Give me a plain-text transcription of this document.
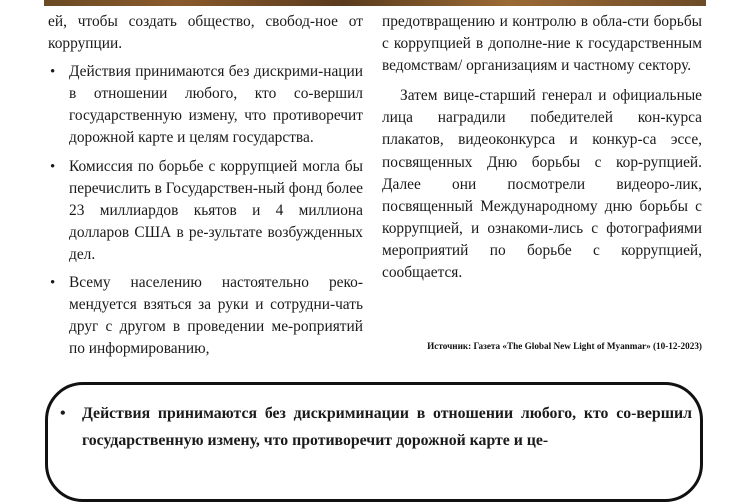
ей, чтобы создать общество, свобод-ное от коррупции.

• Действия принимаются без дискрими-нации в отношении любого, кто со-вершил государственную измену, что противоречит дорожной карте и целям государства.
• Комиссия по борьбе с коррупцией могла бы перечислить в Государствен-ный фонд более 23 миллиардов кьятов и 4 миллиона долларов США в ре-зультате возбужденных дел.
• Всему населению настоятельно реко-мендуется взяться за руки и сотрудни-чать друг с другом в проведении ме-роприятий по информированию,

предотвращению и контролю в обла-сти борьбы с коррупцией в дополне-ние к государственным ведомствам/ организациям и частному сектору.

Затем вице-старший генерал и официальные лица наградили победителей кон-курса плакатов, видеоконкурса и конкур-са эссе, посвященных Дню борьбы с кор-рупцией. Далее они посмотрели видеоро-лик, посвященный Международному дню борьбы с коррупцией, и ознакоми-лись с фотографиями мероприятий по борьбе с коррупцией, сообщается.

Источник: Газета «The Global New Light of Myanmar» (10-12-2023)
• Действия принимаются без дискриминации в отношении любого, кто со-вершил государственную измену, что противоречит дорожной карте и це-
